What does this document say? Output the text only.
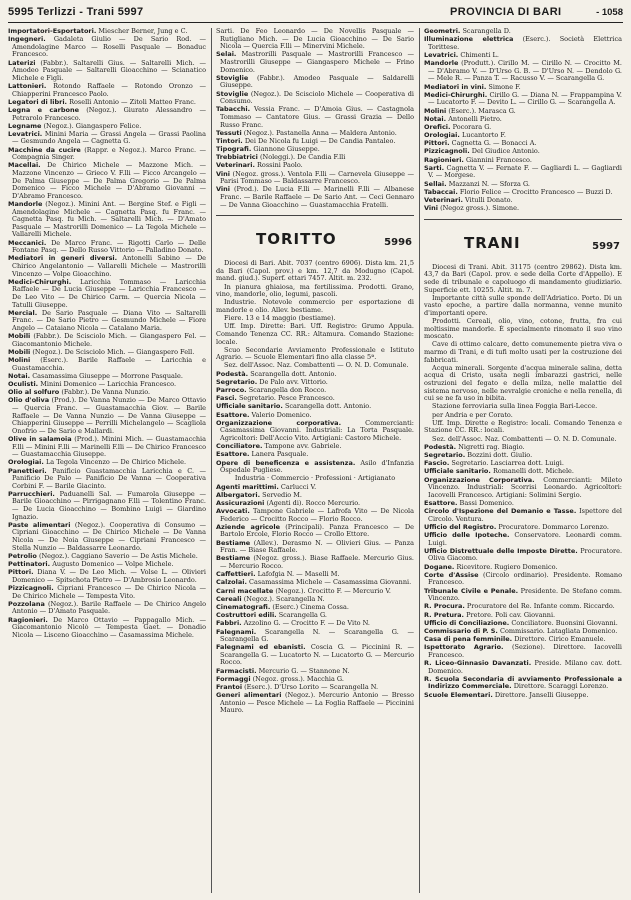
5995 Terlizzi - Trani 5997	PROVINCIA DI BARI	- 1058

Importatori-Esportatori. Miescher Berner, Jung e C.

Ingegneri. Gadaleta Giulio — De Sario Rod. — Amendolagine Marco — Roselli Pasquale — Bonaduc Francesco.

Laterizi (Fabbr.). Saltarelli Gius. — Saltarelli Mich. — Amodeo Pasquale — Saltarelli Gioacchino — Scianatico Michele e Figli.

Lattonieri. Rotondo Raffaele — Rotondo Oronzo — Chiapperini Francesco Paolo.

Legatori di libri. Roselli Antonio — Zitoli Matteo Franc.

Legna e carbone (Negoz.). Giurato Alessandro — Petrarolo Francesco.

Legname (Negoz.). Giangaspero Felice.

Levatrici. Minini Maria — Grassi Angela — Grassi Paolina — Gesmundo Angela — Cagnetta G.

Macchine da cucire (Rappr. e Negoz.). Marco Franc. — Compagnia Singer.

Macellai. De Chirico Michele — Mazzone Mich. — Mazzone Vincenzo — Grieco V. F.lli — Ficco Arcangelo — De Palma Giuseppe — De Palma Gregorio — De Palma Domenico — Ficco Michele — D'Abramo Giovanni — D'Abramo Francesco.

Mandorle (Negoz.). Minini Ant. — Bergine Stef. e Figli — Amendolagine Michele — Cagnetta Pasq. fu Franc. — Cagnetta Pasq. fu Mich. — Saltarelli Mich. — D'Amato Pasquale — Mastrorilli Domenico — La Tegola Michele — Vallarelli Michele.

Meccanici. De Marco Franc. — Rigotti Carlo — Delle Fontane Pasq. — Dello Russo Vittorio — Palladino Donato.

Mediatori in generi diversi. Antonelli Sabino — De Chirico Angelantonio — Vallarelli Michele — Mastrorilli Vincenzo — Volpe Gioacchino.

Medici-Chirurghi. Laricchia Tommaso — Laricchia Raffaele — De Lucia Giuseppe — Laricchia Francesco — De Leo Vito — De Chirico Carm. — Quercia Nicola — Tatulli Giuseppe.

Mercial. De Sario Pasquale — Diana Vito — Saltarelli Franc. — De Sario Pietro — Gesmundo Michele — Fiore Angelo — Cataiano Nicola — Catalano Maria.

Mobili (Fabbr.). De Scisciolo Mich. — Giangaspero Fel. — Giacomantonio Michele.

Mobili (Negoz.). De Scisciolo Mich. — Giangaspero Fell.

Molini (Eserc.). Barile Raffaele — Laricchia e Guastamacchia.

Notai. Casamassima Giuseppe — Morrone Pasquale.

Oculisti. Minini Domenico — Laricchia Francesco.

Olio al solfuro (Fabbr.). De Vanna Nunzio.

Olio d'oliva (Prod.). De Vanna Nunzio — De Marco Ottavio — Quercia Franc. — Guastamacchia Giov. — Barile Raffaele — De Vanna Nunzio — De Vanna Giuseppe — Chiapperini Giuseppe — Perrilli Michelangelo — Scagliola Onofrio — De Sario e Mallardi.

Olive in salamoia (Prod.). Minini Mich. — Guastamacchia F.lli — Minini F.lli — Marinelli F.lli — De Chirico Francesco — Guastamacchia Giuseppe.

Orologiai. La Tegola Vincenzo — De Chirico Michele.

Panettieri. Panifìcio Guastamacchia Laricchia e C. — Panificio De Palo — Panifìcio De Vanna — Cooperativa Corbini F. — Barile Giacinto.

Parrucchieri. Paduanelli Sal. — Fumarola Giuseppe — Barile Gioacchino — Pirrigagnano F.lli — Tolentino Franc. — De Lucia Gioacchino — Bombino Luigi — Giardino Ignazio.

Paste alimentari (Negoz.). Cooperativa di Consumo — Cipriani Gioacchino — De Chirico Michele — De Vanna Nicola — De Noia Giuseppe — Cipriani Francesco — Stella Nunzio — Baldassarre Leonardo.

Petrolio (Negoz.). Caggiano Saverio — De Astis Michele.

Pettinatori. Augusto Domenico — Volpe Michele.

Pittori. Diana V. — De Leo Mich. — Volse L. — Olivieri Domenico — Spitschota Pietro — D'Ambrosio Leonardo.

Pizzicagnoli. Cipriani Francesco — De Chirico Nicola — De Chirico Michele — Tempesta Vito.

Pozzolana (Negoz.). Barile Raffaele — De Chirico Angelo Antonio — D'Amato Pasquale.

Ragionieri. De Marco Ottavio — Pappagallo Mich. — Giacomantonio Nicolò — Tempesta Gaet. — Donadio Nicola — Lisceno Gioacchino — Casamassima Michele.

Sarti. De Feo Leonardo — De Novellis Pasquale — Rutigliano Mich. — De Lucia Gioacchino — De Sario Nicola — Quercia F.lli — Minervini Michele.

Selai. Mastrorilli Pasquale — Mastrorilli Francesco — Mastrorilli Giuseppe — Giangaspero Michele — Frino Domenico.

Stoviglie (Fabbr.). Amodeo Pasquale — Saldarelli Giuseppe.

Stoviglie (Negoz.). De Scisciolo Michele — Cooperativa di Consumo.

Tabacchi. Vessia Franc. — D'Amoia Gius. — Castagnola Tommaso — Cantatore Gius. — Grassi Grazia — Dello Russo Franc.

Tessuti (Negoz.). Pastanella Anna — Maldera Antonio.

Tintori. Dei De Nicola fu Luigi — De Candia Pantaleo.

Tipografi. Giannone Giuseppe.

Trebbiatrici (Noleggi.). De Candia F.lli

Veterinari. Rossini Paolo.

Vini (Negoz. gross.). Ventola F.lli — Carnevela Giuseppe — Parisi Tommaso — Baldassarre Francesco.

Vini (Prod.). De Lucia F.lli — Marinelli F.lli — Albanese Franc. — Barile Raffaele — De Sario Ant. — Ceci Gennaro — De Vanna Gioacchino — Guastamacchia Fratelli.

TORITTO	5996

Diocesi di Bari. Abit. 7037 (centro 6906). Dista km. 21,5 da Bari (Capol. prov.) e km. 12,7 da Modugno (Capol. mand. giud.). Superf. ettari 7457. Altit. m. 232.

In pianura ghiaiosa, ma fertilissima. Prodotti. Grano, vino, mandorle, olio, legumi, pascoli.

Industrie. Notevole commercio per esportazione di mandorle e olio. Allev. bestiame.

Fiere. 13 e 14 maggio (bestiame).

Uff. Imp. Dirette: Bari. Uff. Registro: Grumo Appula. Comando Tenenza CC. RR.: Altamura. Comando Stazione: locale.

Scuo Secondarie Avviamento Professionale e Istituto Agrario. — Scuole Elementari fino alla classe 5ª.

Sez. dell'Assoc. Naz. Combattenti — O. N. D. Comunale.

Podestà. Scarangella dott. Antonio.

Segretario. De Palo avv. Vittorio.

Parroco. Scarangella don Rocco.

Fasci. Segretario. Pesce Francesco.

Ufficiale sanitario. Scarangella dott. Antonio.

Esattore. Valerio Domenico.

Organizzazione corporativa.	Commercianti: Casamassima Giovanni. Industriali: La Torta Pasquale. Agricoltori: Dell'Accio Vito. Artigiani: Castoro Michele.

Conciliatore. Tampone avv. Gabriele.

Esattore. Lanera Pasquale.

Opere di beneficenza e assistenza. Asilo d'Infanzia Ospedale Pugliese.

Industria · Commercio · Professioni · Artigianato

Agenti marittimi. Carlucci V.

Albergatori. Servedio M.

Assicurazioni (Agenti di). Rocco Mercurio.

Avvocati. Tampone Gabriele — Lafrofa Vito — De Nicola Federico — Crocitto Rocco — Florio Rocco.

Aziende agricole (Principali). Panza Francesco — De Bartolo Ercole, Florio Rocco — Crollo Ettore.

Bestiame (Allev.). Derasmo N. — Olivieri Gius. — Panza Fran. — Biase Raffaele.

Bestiame (Negoz. gross.). Biase Raffaele. Mercurio Gius. — Mercurio Rocco.

Caffettieri. Lafofgia N. — Maselli M.

Calzolai. Casamassima Michele — Casamassima Giovanni.

Carni macellate (Negoz.). Crocitto F. — Mercurio V.

Cereali (Negoz.). Scarangella N.

Cinematografi. (Eserc.) Cinema Cossa.

Costruttori edili. Scarangella G.

Fabbri. Azzolino G. — Crocitto F. — De Vito N.

Falegnami. Scarangella N. — Scarangella G. — Scarangella G.

Falegnami ed ebanisti. Coscia G. — Piccinini R. — Scarangella G. — Lucatorto N. — Lucatorto G. — Mercurio Rocco.

Farmacisti. Mercurio G. — Stannone N.

Formaggi (Negoz. gross.). Macchia G.

Frantoi (Eserc.). D'Urso Lorito — Scarangella N.

Generi alimentari (Negoz.). Mercurio Antonio — Bresso Antonio — Pesce Michele — La Foglia Raffaele — Piccinini Mauro.

Geometri. Scarangella D.

Illuminazione elettrica (Eserc.). Società Elettrica Torittese.

Levatrici. Chimenti L.

Mandorle (Produtt.). Cirillo M. — Cirillo N. — Crocitto M. — D'Abramo V. — D'Urso G. B. — D'Urso N. — Dendolo G. — Mele R. — Panza T. — Racusso V. — Scarangella G.

Mediatori in vini. Simone F.

Medici-Chirurghi. Cirillo G. — Diana N. — Frappampina V. — Lucatorto F. — Devito L. — Cirillo G. — Scarangella A.

Molini (Eserc.). Marasca G.

Notai. Antonelli Pietro.

Orefici. Pocorara G.

Orologiai. Lucantorto F.

Pittori. Cagnetta G. — Bonacci A.

Pizzicagnoli. Del Giudice Antonio.

Ragionieri. Giannini Francesco.

Sarti. Cagnetta V. — Fernate F. — Gagliardi L. — Gagliardi V. — Morgese.

Sellai. Mazzanzi N. — Sforza G.

Tabaccai. Florio Felice — Crocitto Francesco — Buzzi D.

Veterinari. Vitulli Donato.

Vini (Negoz gross.). Simone.

TRANI	5997

Diocesi di Trani. Abit. 31175 (centro 29862). Dista km. 43,7 da Bari (Capol. prov. e sede della Corte d'Appello). E sede di tribunale e capoluogo di mandamento giudiziario. Superficie ett. 10255. Altit. m. 7.

Importante città sulle sponde dell'Adriatico. Porto. Di un vasto epoche, a partire dalla normanna, venne munito d'importanti opere.

Prodotti. Cereali, olio, vino, cotone, frutta, fra cui moltissime mandorle. È specialmente rinomato il suo vino moscato.

Cave di ottimo calcare, detto comunemente pietra viva o marmo di Trani, e di tufi molto usati per la costruzione dei fabbricati.

Acqua minerali. Sorgente d'acqua minerale salina, detta acqua di Cristo, usata negli imbarazzi gastrici, nelle ostruzioni del fegato e della milza, nelle malattie del sistema nervoso, nelle nevralgie croniche e nella renella, di cui se ne fa uso in bibita.

Stazione ferroviaria sulla linea Foggia Bari-Lecce.

per Andria e per Corato.

Uff. Imp. Dirette e Registro: locali. Comando Tenenza e Stazione CC. RR.: locali.

Sez. dell'Assoc. Naz. Combattenti — O. N. D. Comunale.

Podestà. Nigretti rag. Biagio.

Segretario. Bozzini dott. Giulio.

Fascio. Segretario. Lasciarrea dott. Luigi.

Ufficiale sanitario. Romanelli dott. Michele.

Organizzazione Corporativa. Commercianti: Mileto Vincenzo. Industriali: Scorrisi Leonardo. Agricoltori: Iacovelli Francesco. Artigiani: Solimini Sergio.

Esattore. Bassi Domenico.

Circolo d'Ispezione del Demanio e Tasse. Ispettore del Circolo. Ventura.

Ufficio del Registro. Procuratore. Dommarco Lorenzo.

Ufficio delle Ipoteche. Conservatore. Leonardi comm. Luigi.

Ufficio Distrettuale delle Imposte Dirette. Procuratore. Oliva Giacomo.

Dogane. Ricevitore. Rugiero Domenico.

Corte d'Assise (Circolo ordinario). Presidente. Romano Francesco.

Tribunale Civile e Penale. Presidente. De Stefano comm. Vincenzo.

R. Procura. Procuratore del Re. Infante comm. Riccardo.

R. Pretura. Pretore. Poli cav. Giovanni.

Ufficio di Conciliazione. Conciliatore. Buonsini Giovanni.

Commissario di P. S. Commissario. Latagliata Domenico.

Casa di pena femminile. Direttore. Cirico Emanuele.

Ispettorato Agrario. (Sezione). Direttore. Iacovelli Francesco.

R. Liceo-Ginnasio Davanzati. Preside. Milano cav. dott. Domenico.

R. Scuola Secondaria di avviamento Professionale a Indirizzo Commerciale. Direttore. Scaraggi Lorenzo.

Scuole Elementari. Direttore. Janselli Giuseppe.
